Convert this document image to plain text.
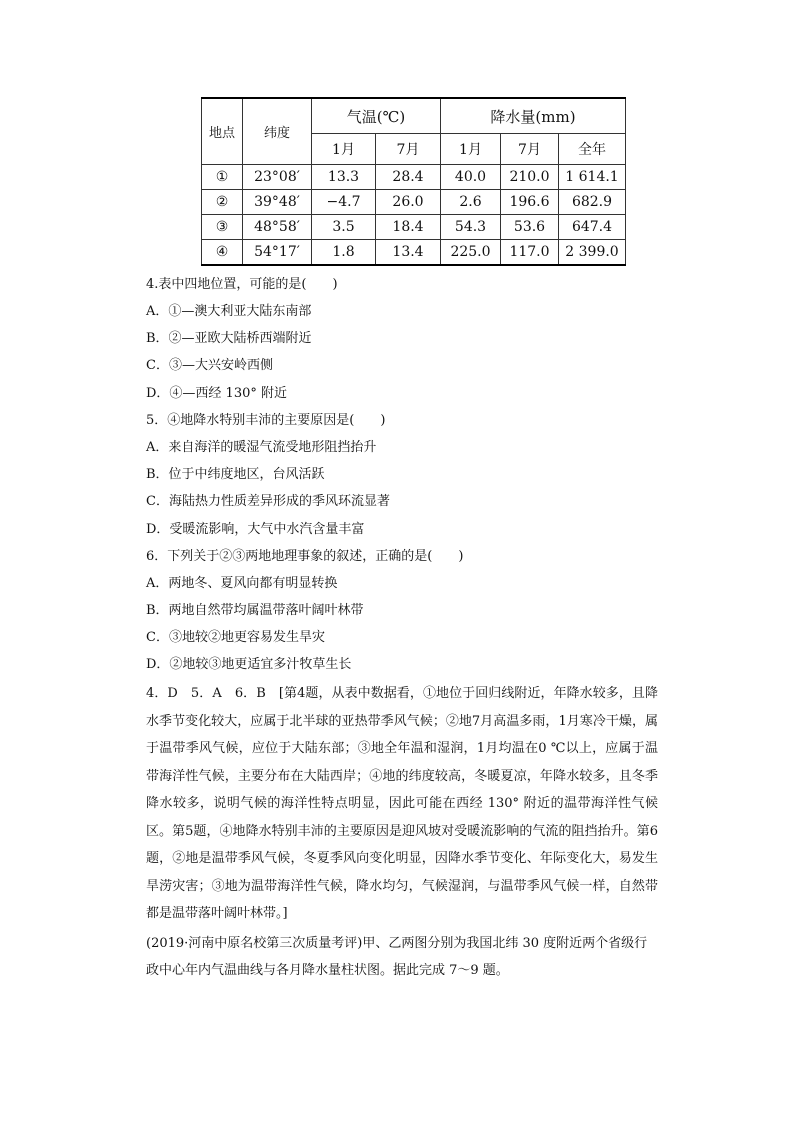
地点	纬度	气温(℃)		降水量(mm)		
		1月	7月	1月	7月	全年
①	23°08′	13.3	28.4	40.0	210.0	1 614.1
②	39°48′	−4.7	26.0	2.6	196.6	682.9
③	48°58′	3.5	18.4	54.3	53.6	647.4
④	54°17′	1.8	13.4	225.0	117.0	2 399.0
4.表中四地位置，可能的是(　　)
A．①—澳大利亚大陆东南部
B．②—亚欧大陆桥西端附近
C．③—大兴安岭西侧
D．④—西经 130° 附近
5．④地降水特别丰沛的主要原因是(　　)
A．来自海洋的暖湿气流受地形阻挡抬升
B．位于中纬度地区，台风活跃
C．海陆热力性质差异形成的季风环流显著
D．受暖流影响，大气中水汽含量丰富
6．下列关于②③两地地理事象的叙述，正确的是(　　)
A．两地冬、夏风向都有明显转换
B．两地自然带均属温带落叶阔叶林带
C．③地较②地更容易发生旱灾
D．②地较③地更适宜多汁牧草生长
4．D　5．A　6．B　 [第4题，从表中数据看，①地位于回归线附近，年降水较多，且降水季节变化较大，应属于北半球的亚热带季风气候；②地7月高温多雨，1月寒冷干燥，属于温带季风气候，应位于大陆东部；③地全年温和湿润，1月均温在0 ℃以上，应属于温带海洋性气候，主要分布在大陆西岸；④地的纬度较高，冬暖夏凉，年降水较多，且冬季降水较多，说明气候的海洋性特点明显，因此可能在西经 130° 附近的温带海洋性气候区。第5题，④地降水特别丰沛的主要原因是迎风坡对受暖流影响的气流的阻挡抬升。第6题，②地是温带季风气候，冬夏季风向变化明显，因降水季节变化、年际变化大，易发生旱涝灾害；③地为温带海洋性气候，降水均匀，气候湿润，与温带季风气候一样，自然带都是温带落叶阔叶林带。]
(2019·河南中原名校第三次质量考评)甲、乙两图分别为我国北纬 30 度附近两个省级行政中心年内气温曲线与各月降水量柱状图。据此完成 7～9 题。
